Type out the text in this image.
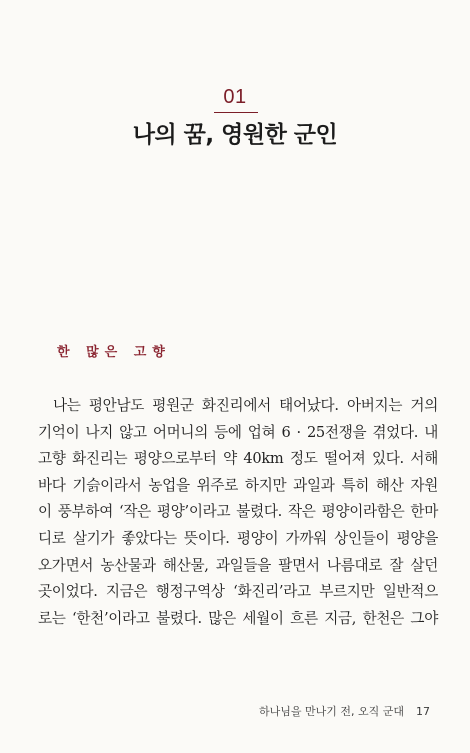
01
나의 꿈, 영원한 군인
한 많은 고향
나는 평안남도 평원군 화진리에서 태어났다. 아버지는 거의
기억이 나지 않고 어머니의 등에 업혀 6 · 25전쟁을 겪었다. 내
고향 화진리는 평양으로부터 약 40km 정도 떨어져 있다. 서해
바다 기슭이라서 농업을 위주로 하지만 과일과 특히 해산 자원
이 풍부하여 ‘작은 평양’이라고 불렸다. 작은 평양이라함은 한마
디로 살기가 좋았다는 뜻이다. 평양이 가까워 상인들이 평양을
오가면서 농산물과 해산물, 과일들을 팔면서 나름대로 잘 살던
곳이었다. 지금은 행정구역상 ‘화진리’라고 부르지만 일반적으
로는 ‘한천’이라고 불렸다. 많은 세월이 흐른 지금, 한천은 그야
하나님을 만나기 전, 오직 군대 17
